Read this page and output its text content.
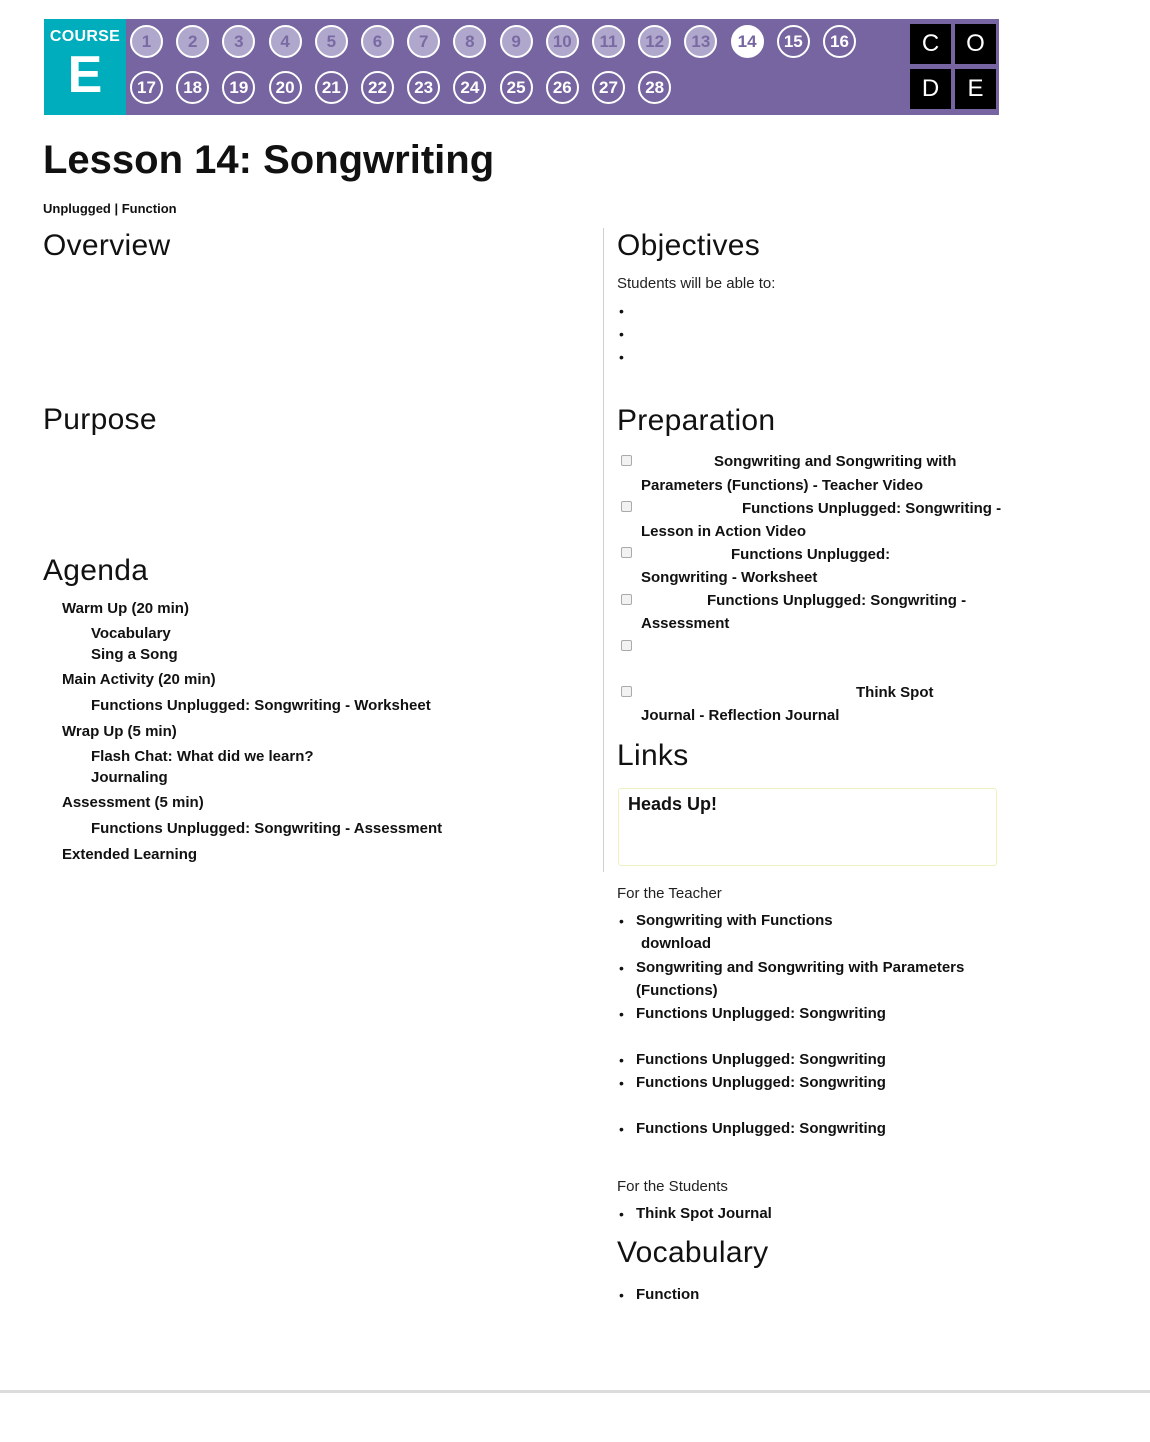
COURSE
E
1	2	3	4	5	6	7	8	9	10	11	12	13	14	15	16
17	18	19	20	21	22	23	24	25	26	27	28
C	O
D	E
Lesson 14: Songwriting
Unplugged | Function
Overview
Purpose
Agenda
Warm Up (20 min)
Vocabulary
Sing a Song
Main Activity (20 min)
Functions Unplugged: Songwriting - Worksheet
Wrap Up (5 min)
Flash Chat: What did we learn?
Journaling
Assessment (5 min)
Functions Unplugged: Songwriting - Assessment
Extended Learning
Objectives
Students will be able to:
•
•
•
Preparation
Songwriting and Songwriting with
Parameters (Functions) - Teacher Video
Functions Unplugged: Songwriting -
Lesson in Action Video
Functions Unplugged:
Songwriting - Worksheet
Functions Unplugged: Songwriting -
Assessment
Think Spot
Journal - Reflection Journal
Links
Heads Up!
For the Teacher
• Songwriting with Functions
download
• Songwriting and Songwriting with Parameters
(Functions)
• Functions Unplugged: Songwriting
• Functions Unplugged: Songwriting
• Functions Unplugged: Songwriting
• Functions Unplugged: Songwriting
For the Students
• Think Spot Journal
Vocabulary
• Function
